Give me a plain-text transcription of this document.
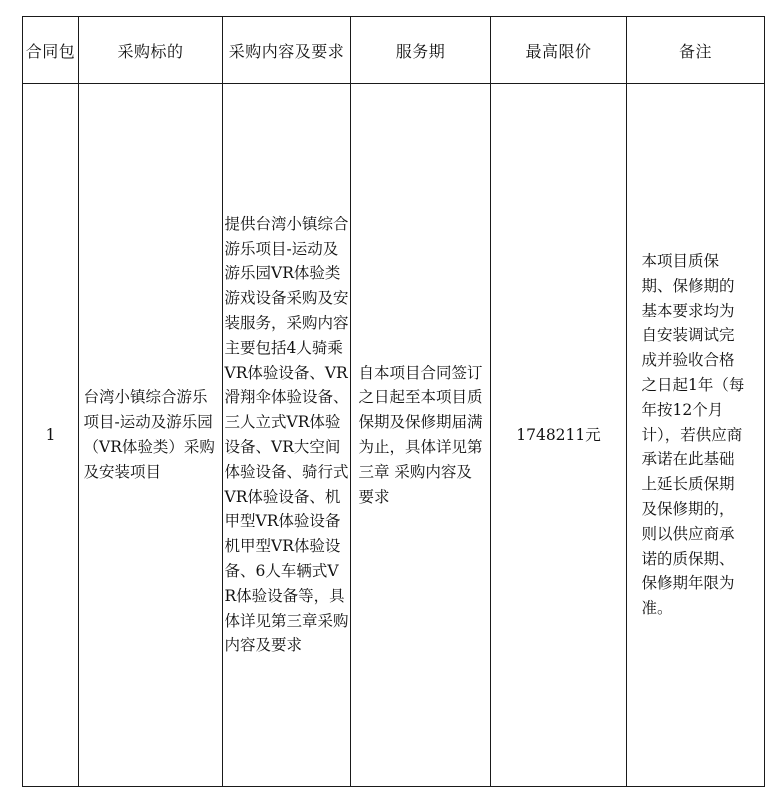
合同包	采购标的	采购内容及要求	服务期	最高限价	备注
1	台湾小镇综合游乐项目-运动及游乐园（VR体验类）采购及安装项目	提供台湾小镇综合游乐项目-运动及游乐园VR体验类游戏设备采购及安装服务，采购内容主要包括4人骑乘VR体验设备、VR滑翔伞体验设备、三人立式VR体验设备、VR大空间体验设备、骑行式VR体验设备、机甲型VR体验设备机甲型VR体验设备、6人车辆式VR体验设备等，具体详见第三章采购内容及要求	自本项目合同签订之日起至本项目质保期及保修期届满为止，具体详见第三章 采购内容及要求	1748211元	本项目质保期、保修期的基本要求均为自安装调试完成并验收合格之日起1年（每年按12个月计），若供应商承诺在此基础上延长质保期及保修期的，则以供应商承诺的质保期、保修期年限为准。
